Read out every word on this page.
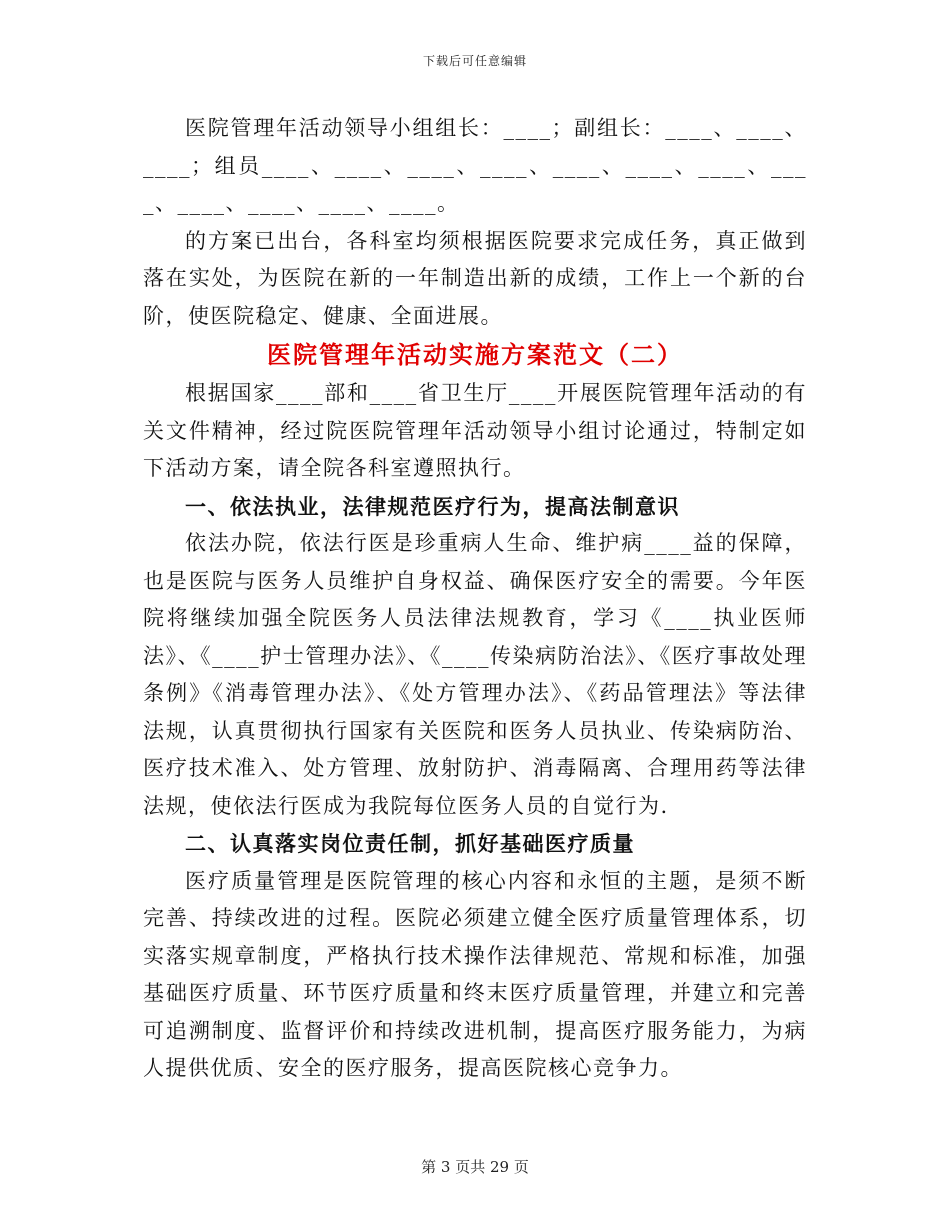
下载后可任意编辑

医院管理年活动领导小组组长：____；副组长：____、____、____；组员____、____、____、____、____、____、____、____、____、____、____、____。

的方案已出台，各科室均须根据医院要求完成任务，真正做到落在实处，为医院在新的一年制造出新的成绩，工作上一个新的台阶，使医院稳定、健康、全面进展。

医院管理年活动实施方案范文（二）

根据国家____部和____省卫生厅____开展医院管理年活动的有关文件精神，经过院医院管理年活动领导小组讨论通过，特制定如下活动方案，请全院各科室遵照执行。

一、依法执业，法律规范医疗行为，提高法制意识

依法办院，依法行医是珍重病人生命、维护病____益的保障，也是医院与医务人员维护自身权益、确保医疗安全的需要。今年医院将继续加强全院医务人员法律法规教育，学习《____执业医师法》、《____护士管理办法》、《____传染病防治法》、《医疗事故处理条例》《消毒管理办法》、《处方管理办法》、《药品管理法》等法律法规，认真贯彻执行国家有关医院和医务人员执业、传染病防治、医疗技术准入、处方管理、放射防护、消毒隔离、合理用药等法律法规，使依法行医成为我院每位医务人员的自觉行为.

二、认真落实岗位责任制，抓好基础医疗质量

医疗质量管理是医院管理的核心内容和永恒的主题，是须不断完善、持续改进的过程。医院必须建立健全医疗质量管理体系，切实落实规章制度，严格执行技术操作法律规范、常规和标准，加强基础医疗质量、环节医疗质量和终末医疗质量管理，并建立和完善可追溯制度、监督评价和持续改进机制，提高医疗服务能力，为病人提供优质、安全的医疗服务，提高医院核心竞争力。

第 3 页共 29 页
